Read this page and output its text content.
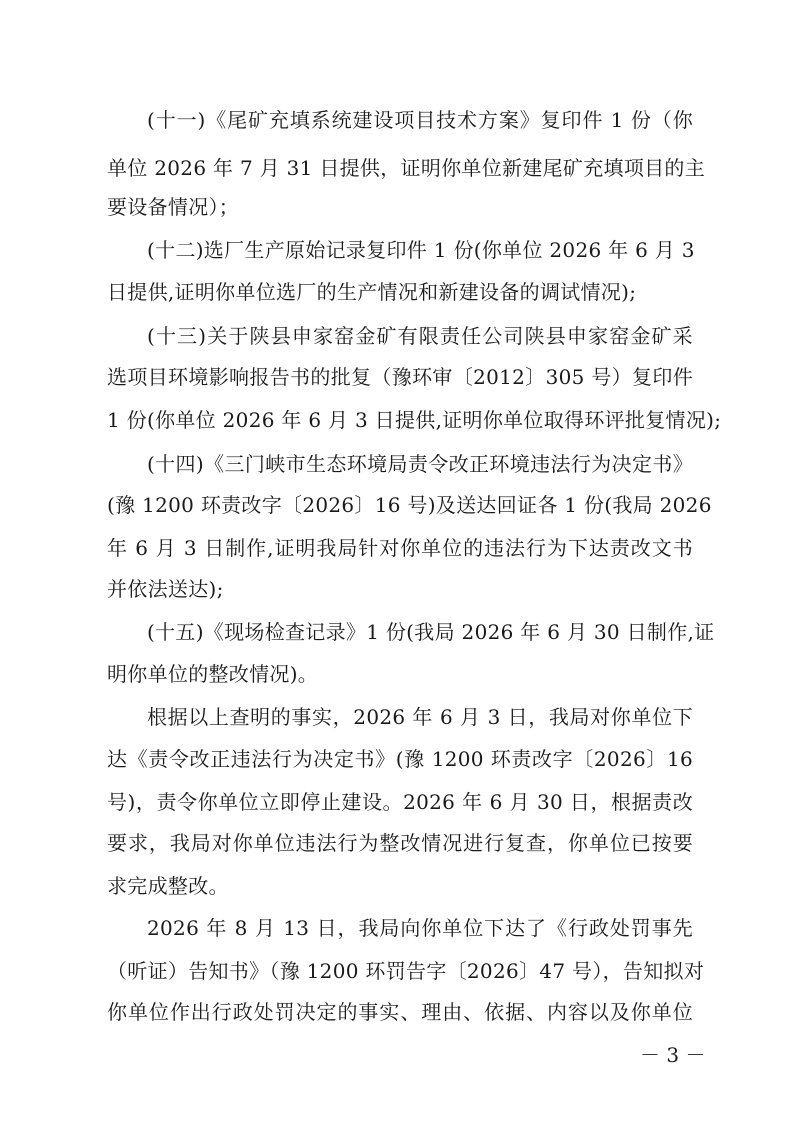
(十一)《尾矿充填系统建设项目技术方案》复印件 1 份（你
单位 2026 年 7 月 31 日提供，证明你单位新建尾矿充填项目的主
要设备情况）；
(十二)选厂生产原始记录复印件 1 份(你单位 2026 年 6 月 3
日提供,证明你单位选厂的生产情况和新建设备的调试情况);
(十三)关于陕县申家窑金矿有限责任公司陕县申家窑金矿采
选项目环境影响报告书的批复（豫环审〔2012〕305 号）复印件
1 份(你单位 2026 年 6 月 3 日提供,证明你单位取得环评批复情况);
(十四)《三门峡市生态环境局责令改正环境违法行为决定书》
(豫 1200 环责改字〔2026〕16 号)及送达回证各 1 份(我局 2026
年 6 月 3 日制作,证明我局针对你单位的违法行为下达责改文书
并依法送达);
(十五)《现场检查记录》1 份(我局 2026 年 6 月 30 日制作,证
明你单位的整改情况)。
根据以上查明的事实，2026 年 6 月 3 日，我局对你单位下
达《责令改正违法行为决定书》(豫 1200 环责改字〔2026〕16
号)，责令你单位立即停止建设。2026 年 6 月 30 日，根据责改
要求，我局对你单位违法行为整改情况进行复查，你单位已按要
求完成整改。
2026 年 8 月 13 日，我局向你单位下达了《行政处罚事先
（听证）告知书》（豫 1200 环罚告字〔2026〕47 号），告知拟对
你单位作出行政处罚决定的事实、理由、依据、内容以及你单位
－ 3 －
